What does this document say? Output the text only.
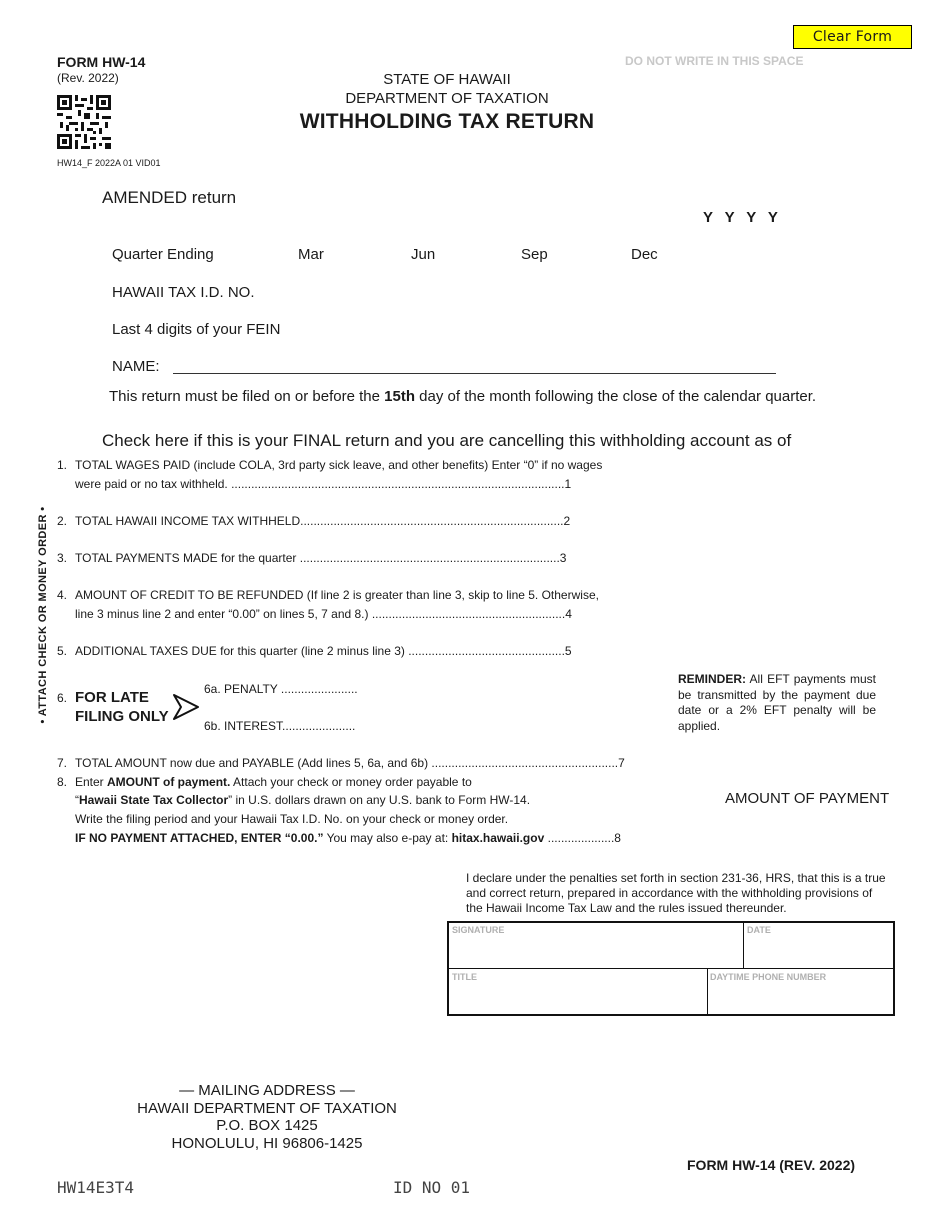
Clear Form
FORM HW-14
(Rev. 2022)
HW14_F 2022A 01 VID01
DO NOT WRITE IN THIS SPACE
STATE OF HAWAII
DEPARTMENT OF TAXATION
WITHHOLDING TAX RETURN
AMENDED return
Y Y Y Y
Quarter Ending	Mar	Jun	Sep	Dec
HAWAII TAX I.D. NO.
Last 4 digits of your FEIN
NAME:
This return must be filed on or before the 15th day of the month following the close of the calendar quarter.
Check here if this is your FINAL return and you are cancelling this withholding account as of
• ATTACH CHECK OR MONEY ORDER •
1. TOTAL WAGES PAID (include COLA, 3rd party sick leave, and other benefits) Enter “0” if no wages
were paid or no tax withheld. ....................................................................................................1
2. TOTAL HAWAII INCOME TAX WITHHELD...............................................................................2
3. TOTAL PAYMENTS MADE for the quarter ..............................................................................3
4. AMOUNT OF CREDIT TO BE REFUNDED (If line 2 is greater than line 3, skip to line 5. Otherwise,
line 3 minus line 2 and enter “0.00” on lines 5, 7 and 8.) ..........................................................4
5. ADDITIONAL TAXES DUE for this quarter (line 2 minus line 3) ...............................................5
6. FOR LATE FILING ONLY
6a. PENALTY .......................
6b. INTEREST......................
7. TOTAL AMOUNT now due and PAYABLE (Add lines 5, 6a, and 6b) ........................................................7
8. Enter AMOUNT of payment. Attach your check or money order payable to
“Hawaii State Tax Collector” in U.S. dollars drawn on any U.S. bank to Form HW-14.
Write the filing period and your Hawaii Tax I.D. No. on your check or money order.
IF NO PAYMENT ATTACHED, ENTER “0.00.” You may also e-pay at: hitax.hawaii.gov ....................8
REMINDER: All EFT payments must be transmitted by the payment due date or a 2% EFT penalty will be applied.
AMOUNT OF PAYMENT
I declare under the penalties set forth in section 231-36, HRS, that this is a true and correct return, prepared in accordance with the withholding provisions of the Hawaii Income Tax Law and the rules issued thereunder.
SIGNATURE	DATE
TITLE	DAYTIME PHONE NUMBER
— MAILING ADDRESS —
HAWAII DEPARTMENT OF TAXATION
P.O. BOX 1425
HONOLULU, HI 96806-1425
FORM HW-14 (REV. 2022)
HW14E3T4	ID NO 01
